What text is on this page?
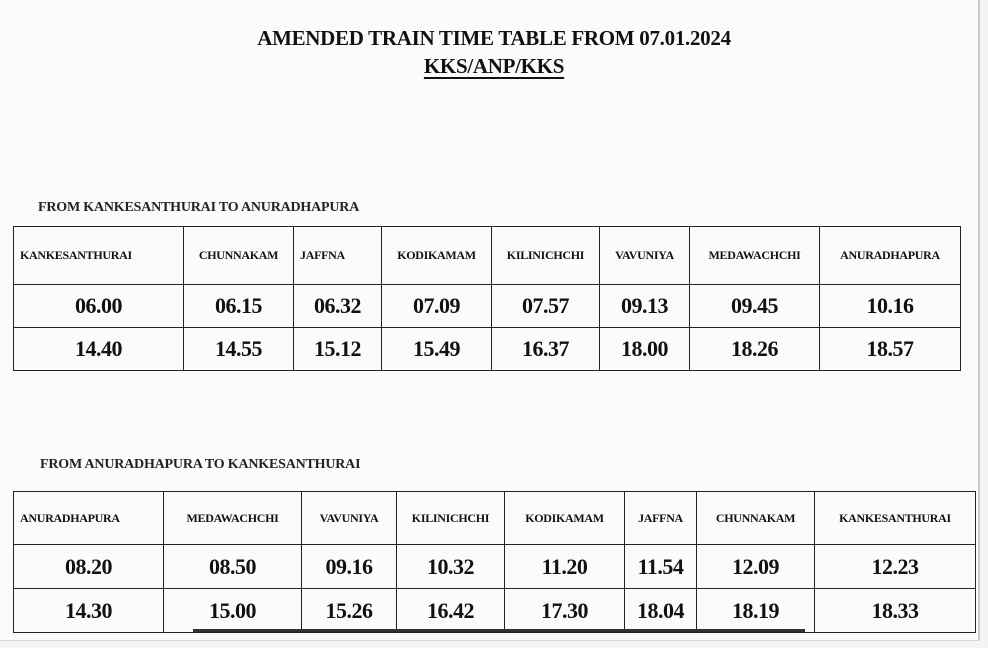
AMENDED TRAIN TIME TABLE FROM 07.01.2024
KKS/ANP/KKS
FROM KANKESANTHURAI TO ANURADHAPURA
KANKESANTHURAI	CHUNNAKAM	JAFFNA	KODIKAMAM	KILINICHCHI	VAVUNIYA	MEDAWACHCHI	ANURADHAPURA
06.00	06.15	06.32	07.09	07.57	09.13	09.45	10.16
14.40	14.55	15.12	15.49	16.37	18.00	18.26	18.57
FROM ANURADHAPURA TO KANKESANTHURAI
ANURADHAPURA	MEDAWACHCHI	VAVUNIYA	KILINICHCHI	KODIKAMAM	JAFFNA	CHUNNAKAM	KANKESANTHURAI
08.20	08.50	09.16	10.32	11.20	11.54	12.09	12.23
14.30	15.00	15.26	16.42	17.30	18.04	18.19	18.33
